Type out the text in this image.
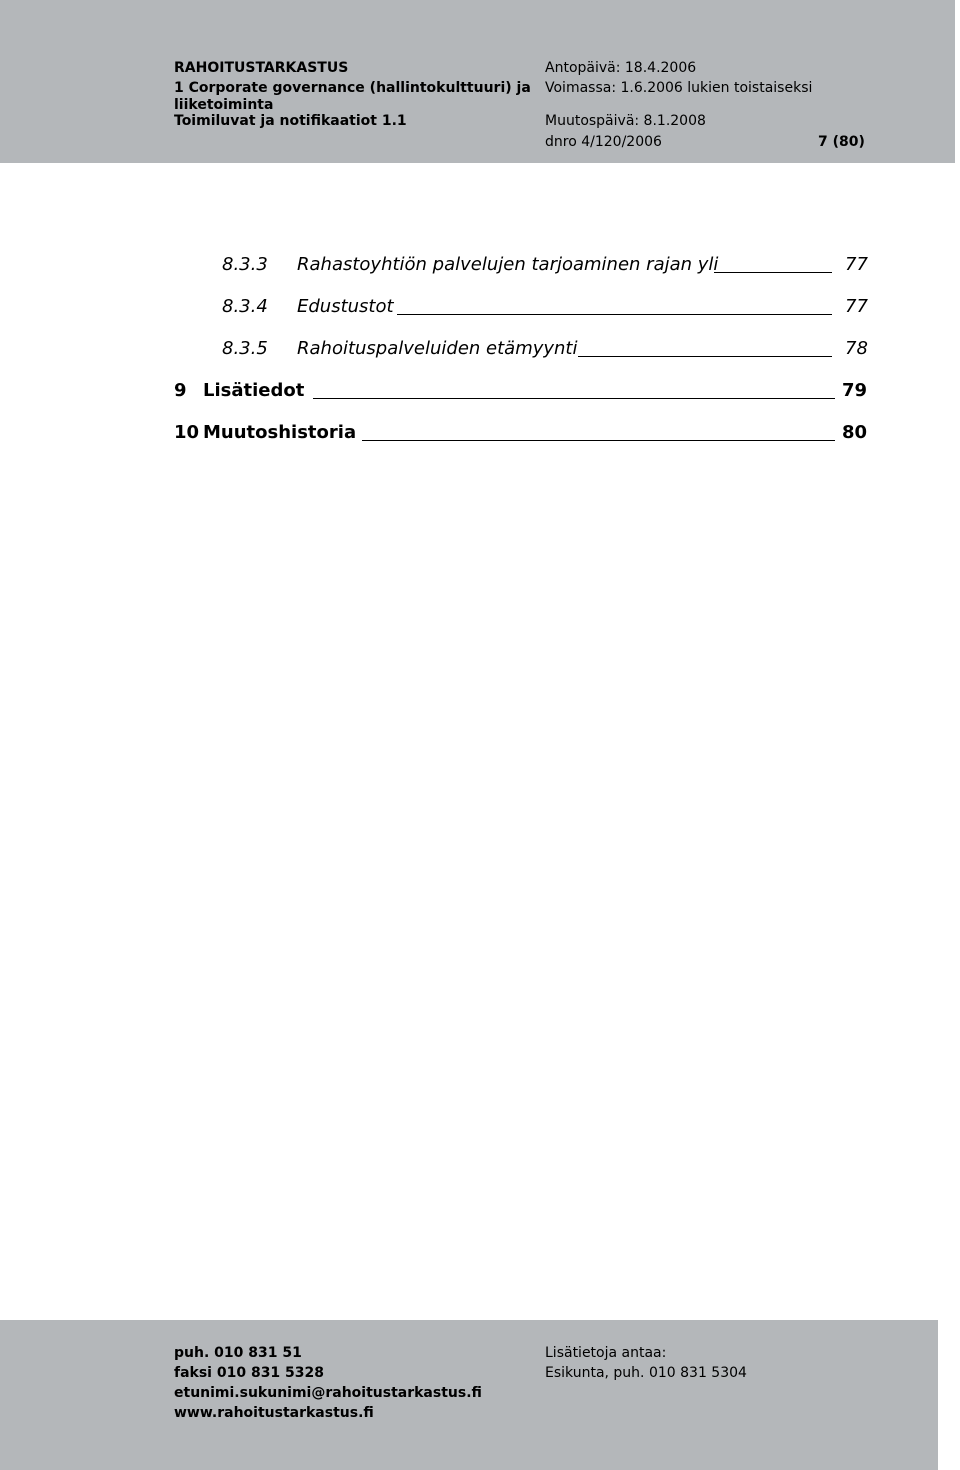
RAHOITUSTARKASTUS
1 Corporate governance (hallintokulttuuri) ja
liiketoiminta
Toimiluvat ja notifikaatiot 1.1
Antopäivä: 18.4.2006
Voimassa: 1.6.2006 lukien toistaiseksi
Muutospäivä: 8.1.2008
dnro 4/120/2006	7 (80)
8.3.3 Rahastoyhtiön palvelujen tarjoaminen rajan yli	77
8.3.4 Edustustot	77
8.3.5 Rahoituspalveluiden etämyynti	78
9 Lisätiedot	79
10 Muutoshistoria	80
puh. 010 831 51
faksi 010 831 5328
etunimi.sukunimi@rahoitustarkastus.fi
www.rahoitustarkastus.fi
Lisätietoja antaa:
Esikunta, puh. 010 831 5304
